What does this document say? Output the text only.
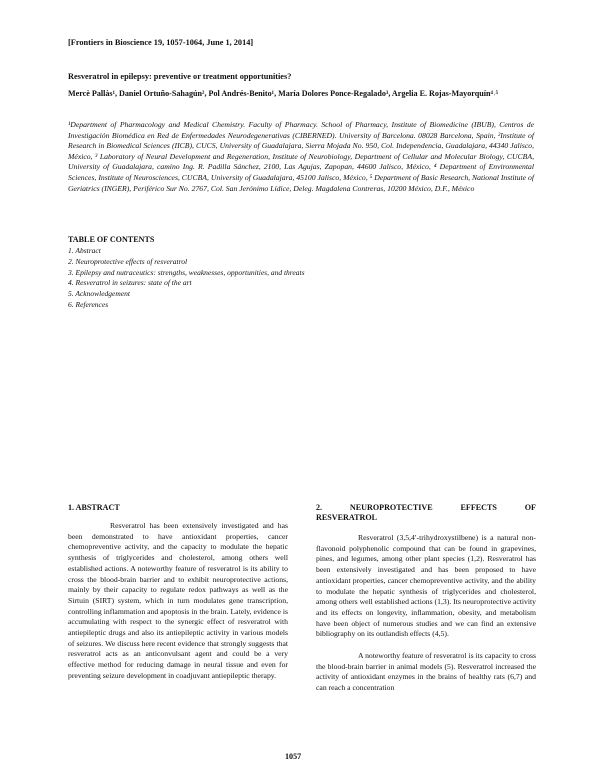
[Frontiers in Bioscience 19, 1057-1064, June 1, 2014]
Resveratrol in epilepsy: preventive or treatment opportunities?
Mercè Pallàs¹, Daniel Ortuño-Sahagún², Pol Andrés-Benito¹, María Dolores Ponce-Regalado³, Argelia E. Rojas-Mayorquín⁴˒⁵
¹Department of Pharmacology and Medical Chemistry. Faculty of Pharmacy. School of Pharmacy, Institute of Biomedicine (IBUB), Centros de Investigación Biomédica en Red de Enfermedades Neurodegenerativas (CIBERNED). University of Barcelona. 08028 Barcelona, Spain, ²Institute of Research in Biomedical Sciences (IICB), CUCS, University of Guadalajara, Sierra Mojada No. 950, Col. Independencia, Guadalajara, 44340 Jalisco, México, ³ Laboratory of Neural Development and Regeneration, Institute of Neurobiology, Department of Cellular and Molecular Biology, CUCBA, University of Guadalajara, camino Ing. R. Padilla Sánchez, 2100, Las Agujas, Zapopan, 44600 Jalisco, México, ⁴ Department of Environmental Sciences, Institute of Neurosciences, CUCBA, University of Guadalajara, 45100 Jalisco, México, ⁵ Department of Basic Research, National Institute of Geriatrics (INGER), Periférico Sur No. 2767, Col. San Jerónimo Lídice, Deleg. Magdalena Contreras, 10200 México, D.F., México
TABLE OF CONTENTS
1. Abstract
2. Neuroprotective effects of resveratrol
3. Epilepsy and nutraceutics: strengths, weaknesses, opportunities, and threats
4. Resveratrol in seizures: state of the art
5. Acknowledgement
6. References
1. ABSTRACT

Resveratrol has been extensively investigated and has been demonstrated to have antioxidant properties, cancer chemopreventive activity, and the capacity to modulate the hepatic synthesis of triglycerides and cholesterol, among others well established actions. A noteworthy feature of resveratrol is its ability to cross the blood-brain barrier and to exhibit neuroprotective actions, mainly by their capacity to regulate redox pathways as well as the Sirtuin (SIRT) system, which in turn modulates gene transcription, controlling inflammation and apoptosis in the brain. Lately, evidence is accumulating with respect to the synergic effect of resveratrol with antiepileptic drugs and also its antiepileptic activity in various models of seizures. We discuss here recent evidence that strongly suggests that resveratrol acts as an anticonvulsant agent and could be a very effective method for reducing damage in neural tissue and even for preventing seizure development in coadjuvant antiepileptic therapy.

2.	NEUROPROTECTIVE	EFFECTS	OF
RESVERATROL

Resveratrol (3,5,4′-trihydroxystilbene) is a natural non-flavonoid polyphenolic compound that can be found in grapevines, pines, and legumes, among other plant species (1,2). Resveratrol has been extensively investigated and has been proposed to have antioxidant properties, cancer chemopreventive activity, and the ability to modulate the hepatic synthesis of triglycerides and cholesterol, among others well established actions (1,3). Its neuroprotective activity and its effects on longevity, inflammation, obesity, and metabolism have been object of numerous studies and we can find an extensive bibliography on its outlandish effects (4,5).

A noteworthy feature of resveratrol is its capacity to cross the blood-brain barrier in animal models (5). Resveratrol increased the activity of antioxidant enzymes in the brains of healthy rats (6,7) and can reach a concentration

1057
